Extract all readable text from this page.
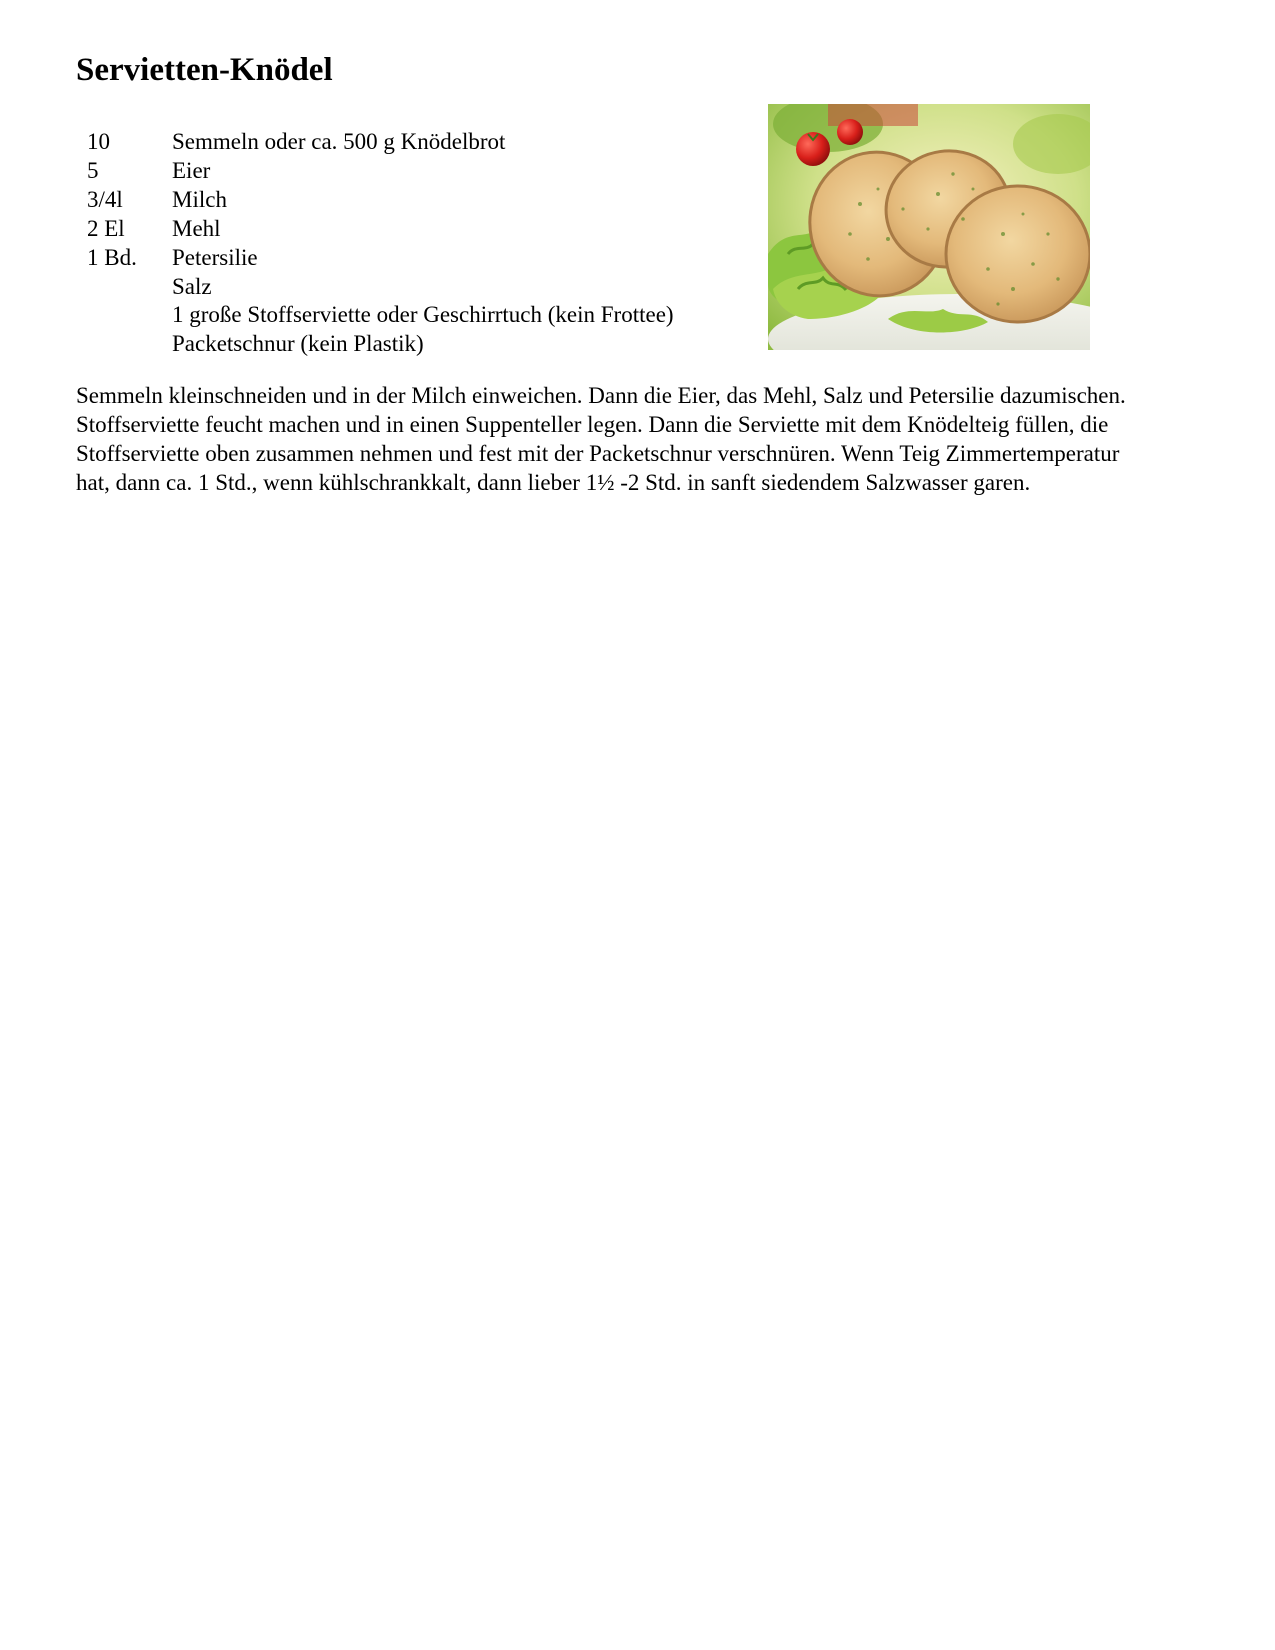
Servietten-Knödel
10	Semmeln oder ca. 500 g Knödelbrot
5	Eier
3/4l	Milch
2 El	Mehl
1 Bd.	Petersilie
Salz
1 große Stoffserviette oder Geschirrtuch (kein Frottee)
Packetschnur (kein Plastik)

Semmeln kleinschneiden und in der Milch einweichen. Dann die Eier, das Mehl, Salz und Petersilie dazumischen. Stoffserviette feucht machen und in einen Suppenteller legen. Dann die Serviette mit dem Knödelteig füllen, die Stoffserviette oben zusammen nehmen und fest mit der Packetschnur verschnüren. Wenn Teig Zimmertemperatur hat, dann ca. 1 Std., wenn kühlschrankkalt, dann lieber 1½ -2 Std. in sanft siedendem Salzwasser garen.
